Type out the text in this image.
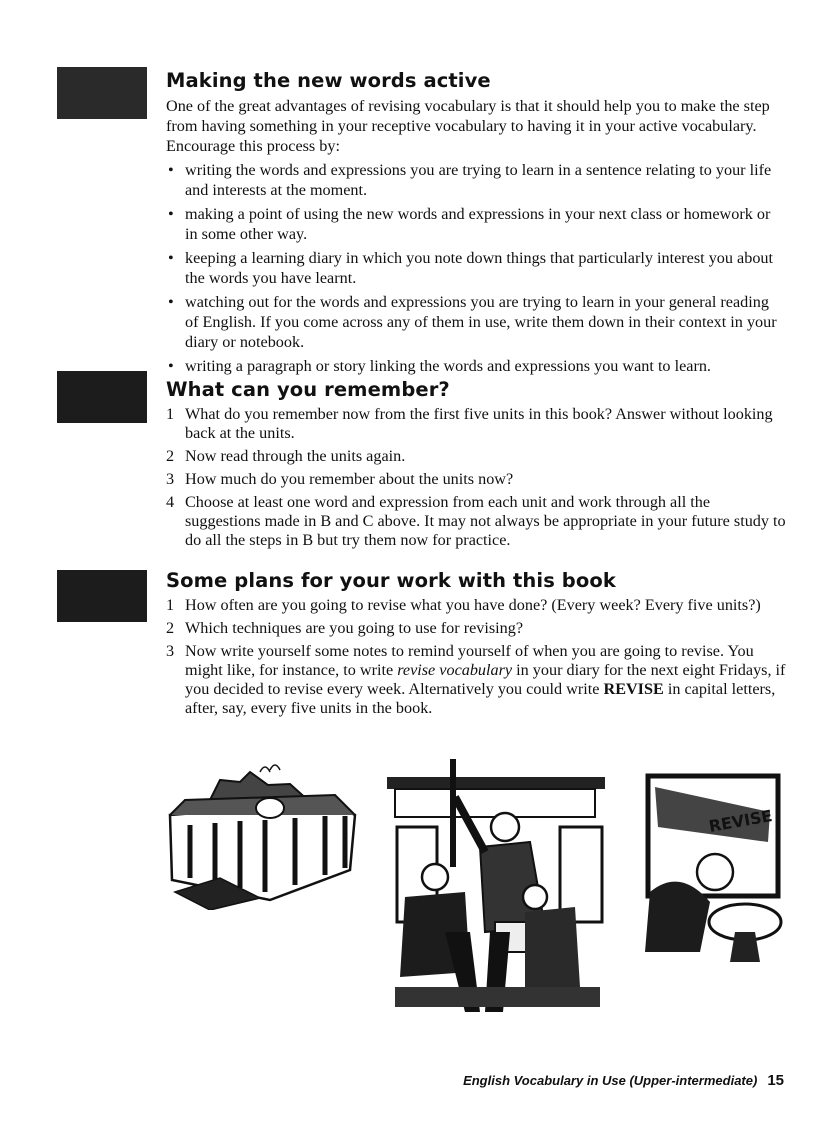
Making the new words active

One of the great advantages of revising vocabulary is that it should help you to make the step from having something in your receptive vocabulary to having it in your active vocabulary. Encourage this process by:

• writing the words and expressions you are trying to learn in a sentence relating to your life and interests at the moment.
• making a point of using the new words and expressions in your next class or homework or in some other way.
• keeping a learning diary in which you note down things that particularly interest you about the words you have learnt.
• watching out for the words and expressions you are trying to learn in your general reading of English. If you come across any of them in use, write them down in their context in your diary or notebook.
• writing a paragraph or story linking the words and expressions you want to learn.
What can you remember?
1 What do you remember now from the first five units in this book? Answer without looking back at the units.
2 Now read through the units again.
3 How much do you remember about the units now?
4 Choose at least one word and expression from each unit and work through all the suggestions made in B and C above. It may not always be appropriate in your future study to do all the steps in B but try them now for practice.
Some plans for your work with this book
1 How often are you going to revise what you have done? (Every week? Every five units?)
2 Which techniques are you going to use for revising?
3 Now write yourself some notes to remind yourself of when you are going to revise. You might like, for instance, to write revise vocabulary in your diary for the next eight Fridays, if you decided to revise every week. Alternatively you could write REVISE in capital letters, after, say, every five units in the book.
REVISE
English Vocabulary in Use (Upper-intermediate) 15
